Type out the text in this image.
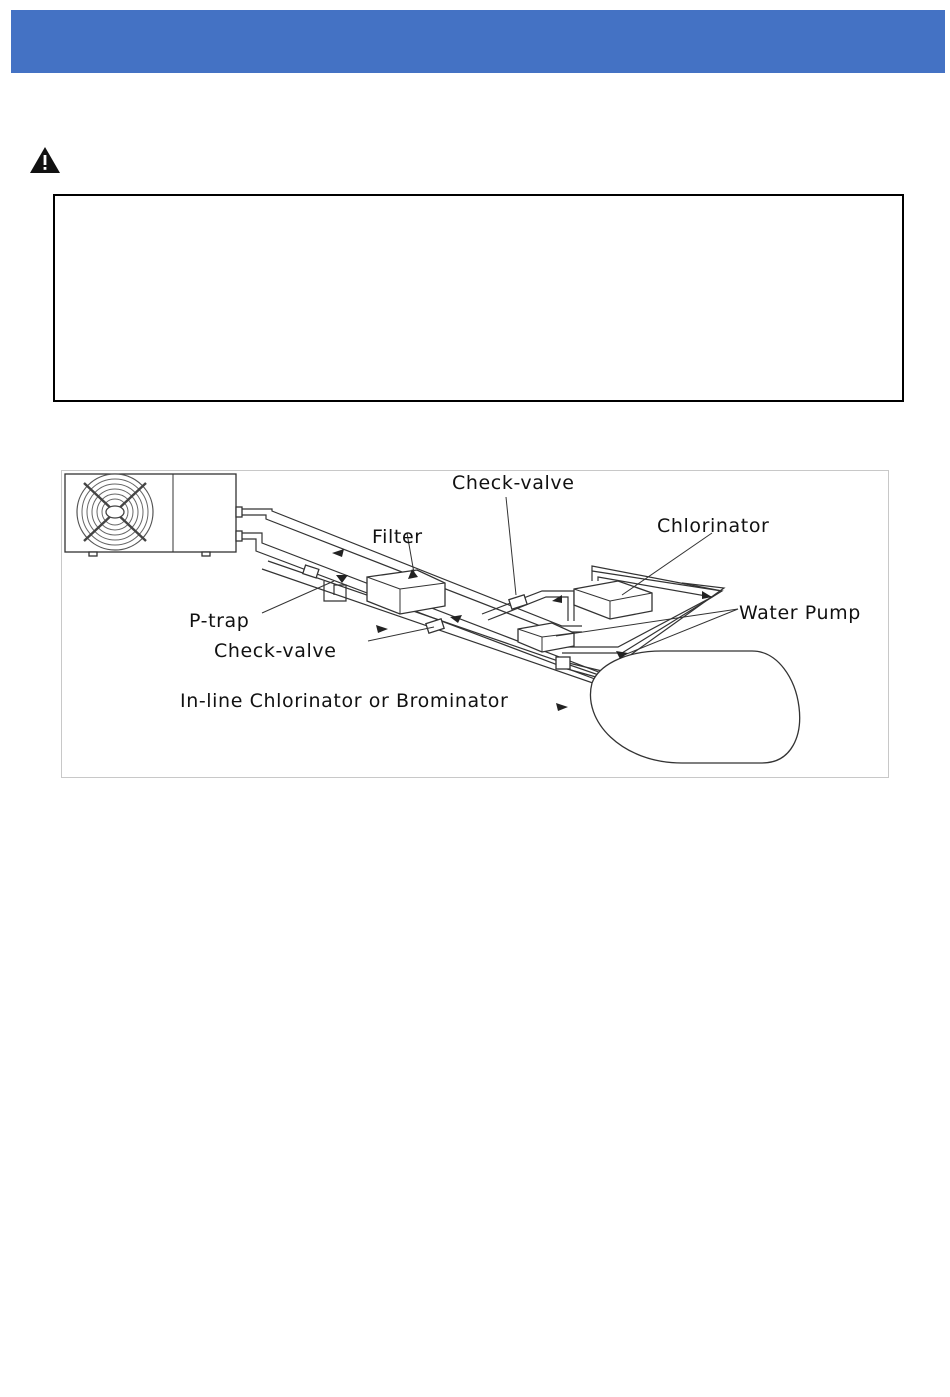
Check-valve
Chlorinator
Filter
Water Pump
P-trap
Check-valve
In-line Chlorinator or Brominator
